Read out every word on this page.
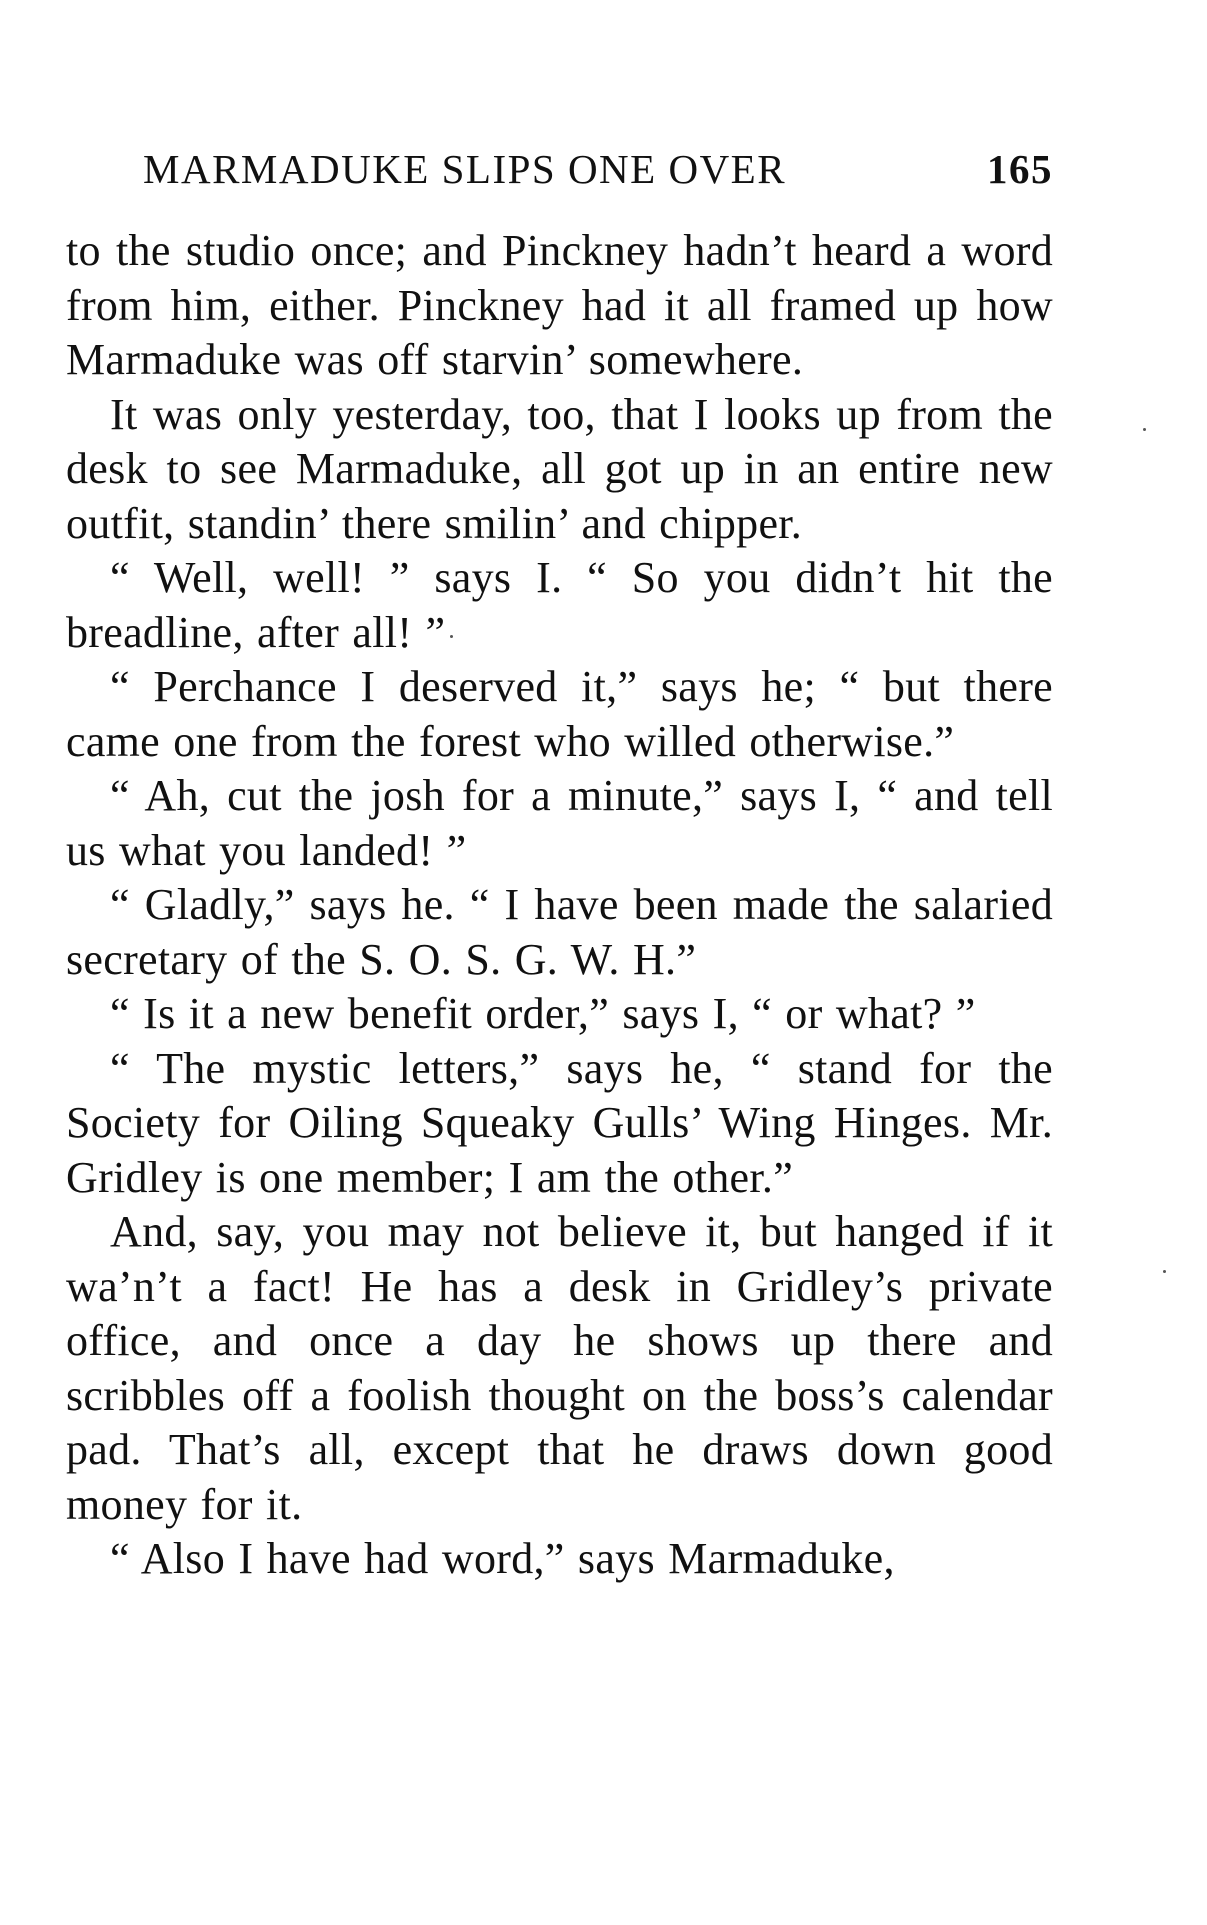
MARMADUKE SLIPS ONE OVER	165

to the studio once; and Pinckney hadn’t heard a word from him, either. Pinckney had it all framed up how Marmaduke was off starvin’ somewhere.

It was only yesterday, too, that I looks up from the desk to see Marmaduke, all got up in an entire new outfit, standin’ there smilin’ and chipper.

“ Well, well! ” says I. “ So you didn’t hit the breadline, after all! ”

“ Perchance I deserved it,” says he; “ but there came one from the forest who willed otherwise.”

“ Ah, cut the josh for a minute,” says I, “ and tell us what you landed! ”

“ Gladly,” says he. “ I have been made the salaried secretary of the S. O. S. G. W. H.”

“ Is it a new benefit order,” says I, “ or what? ”

“ The mystic letters,” says he, “ stand for the Society for Oiling Squeaky Gulls’ Wing Hinges. Mr. Gridley is one member; I am the other.”

And, say, you may not believe it, but hanged if it wa’n’t a fact! He has a desk in Gridley’s private office, and once a day he shows up there and scribbles off a foolish thought on the boss’s calendar pad. That’s all, except that he draws down good money for it.

“ Also I have had word,” says Marmaduke,
